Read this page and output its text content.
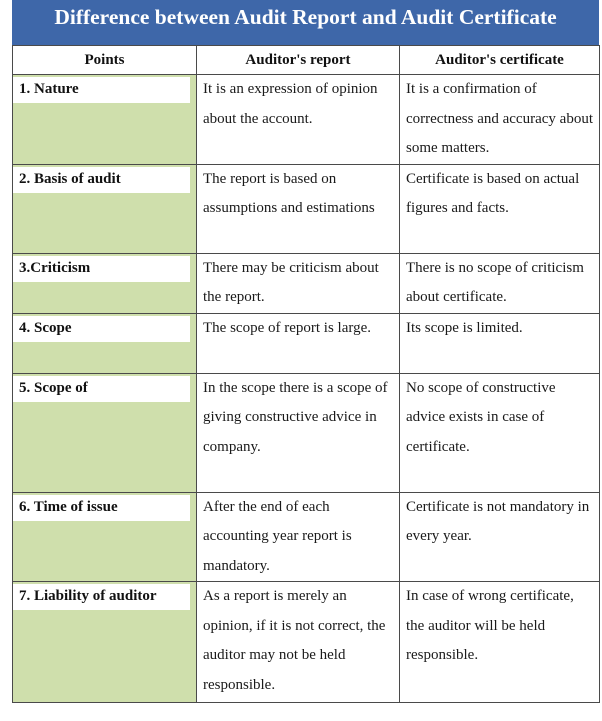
Difference between Audit Report and Audit Certificate
Points	Auditor's report	Auditor's certificate

1. Nature	It is an expression of opinion about the account.	It is a confirmation of correctness and accuracy about some matters.

2. Basis of audit	The report is based on assumptions and estimations	Certificate is based on actual figures and facts.

3.Criticism	There may be criticism about the report.	There is no scope of criticism about certificate.

4. Scope	The scope of report is large.	Its scope is limited.

5. Scope of	In the scope there is a scope of giving constructive advice in company.	No scope of constructive advice exists in case of certificate.

6. Time of issue	After the end of each accounting year report is mandatory.	Certificate is not mandatory in every year.

7. Liability of auditor	As a report is merely an opinion, if it is not correct, the auditor may not be held responsible.	In case of wrong certificate, the auditor will be held responsible.
